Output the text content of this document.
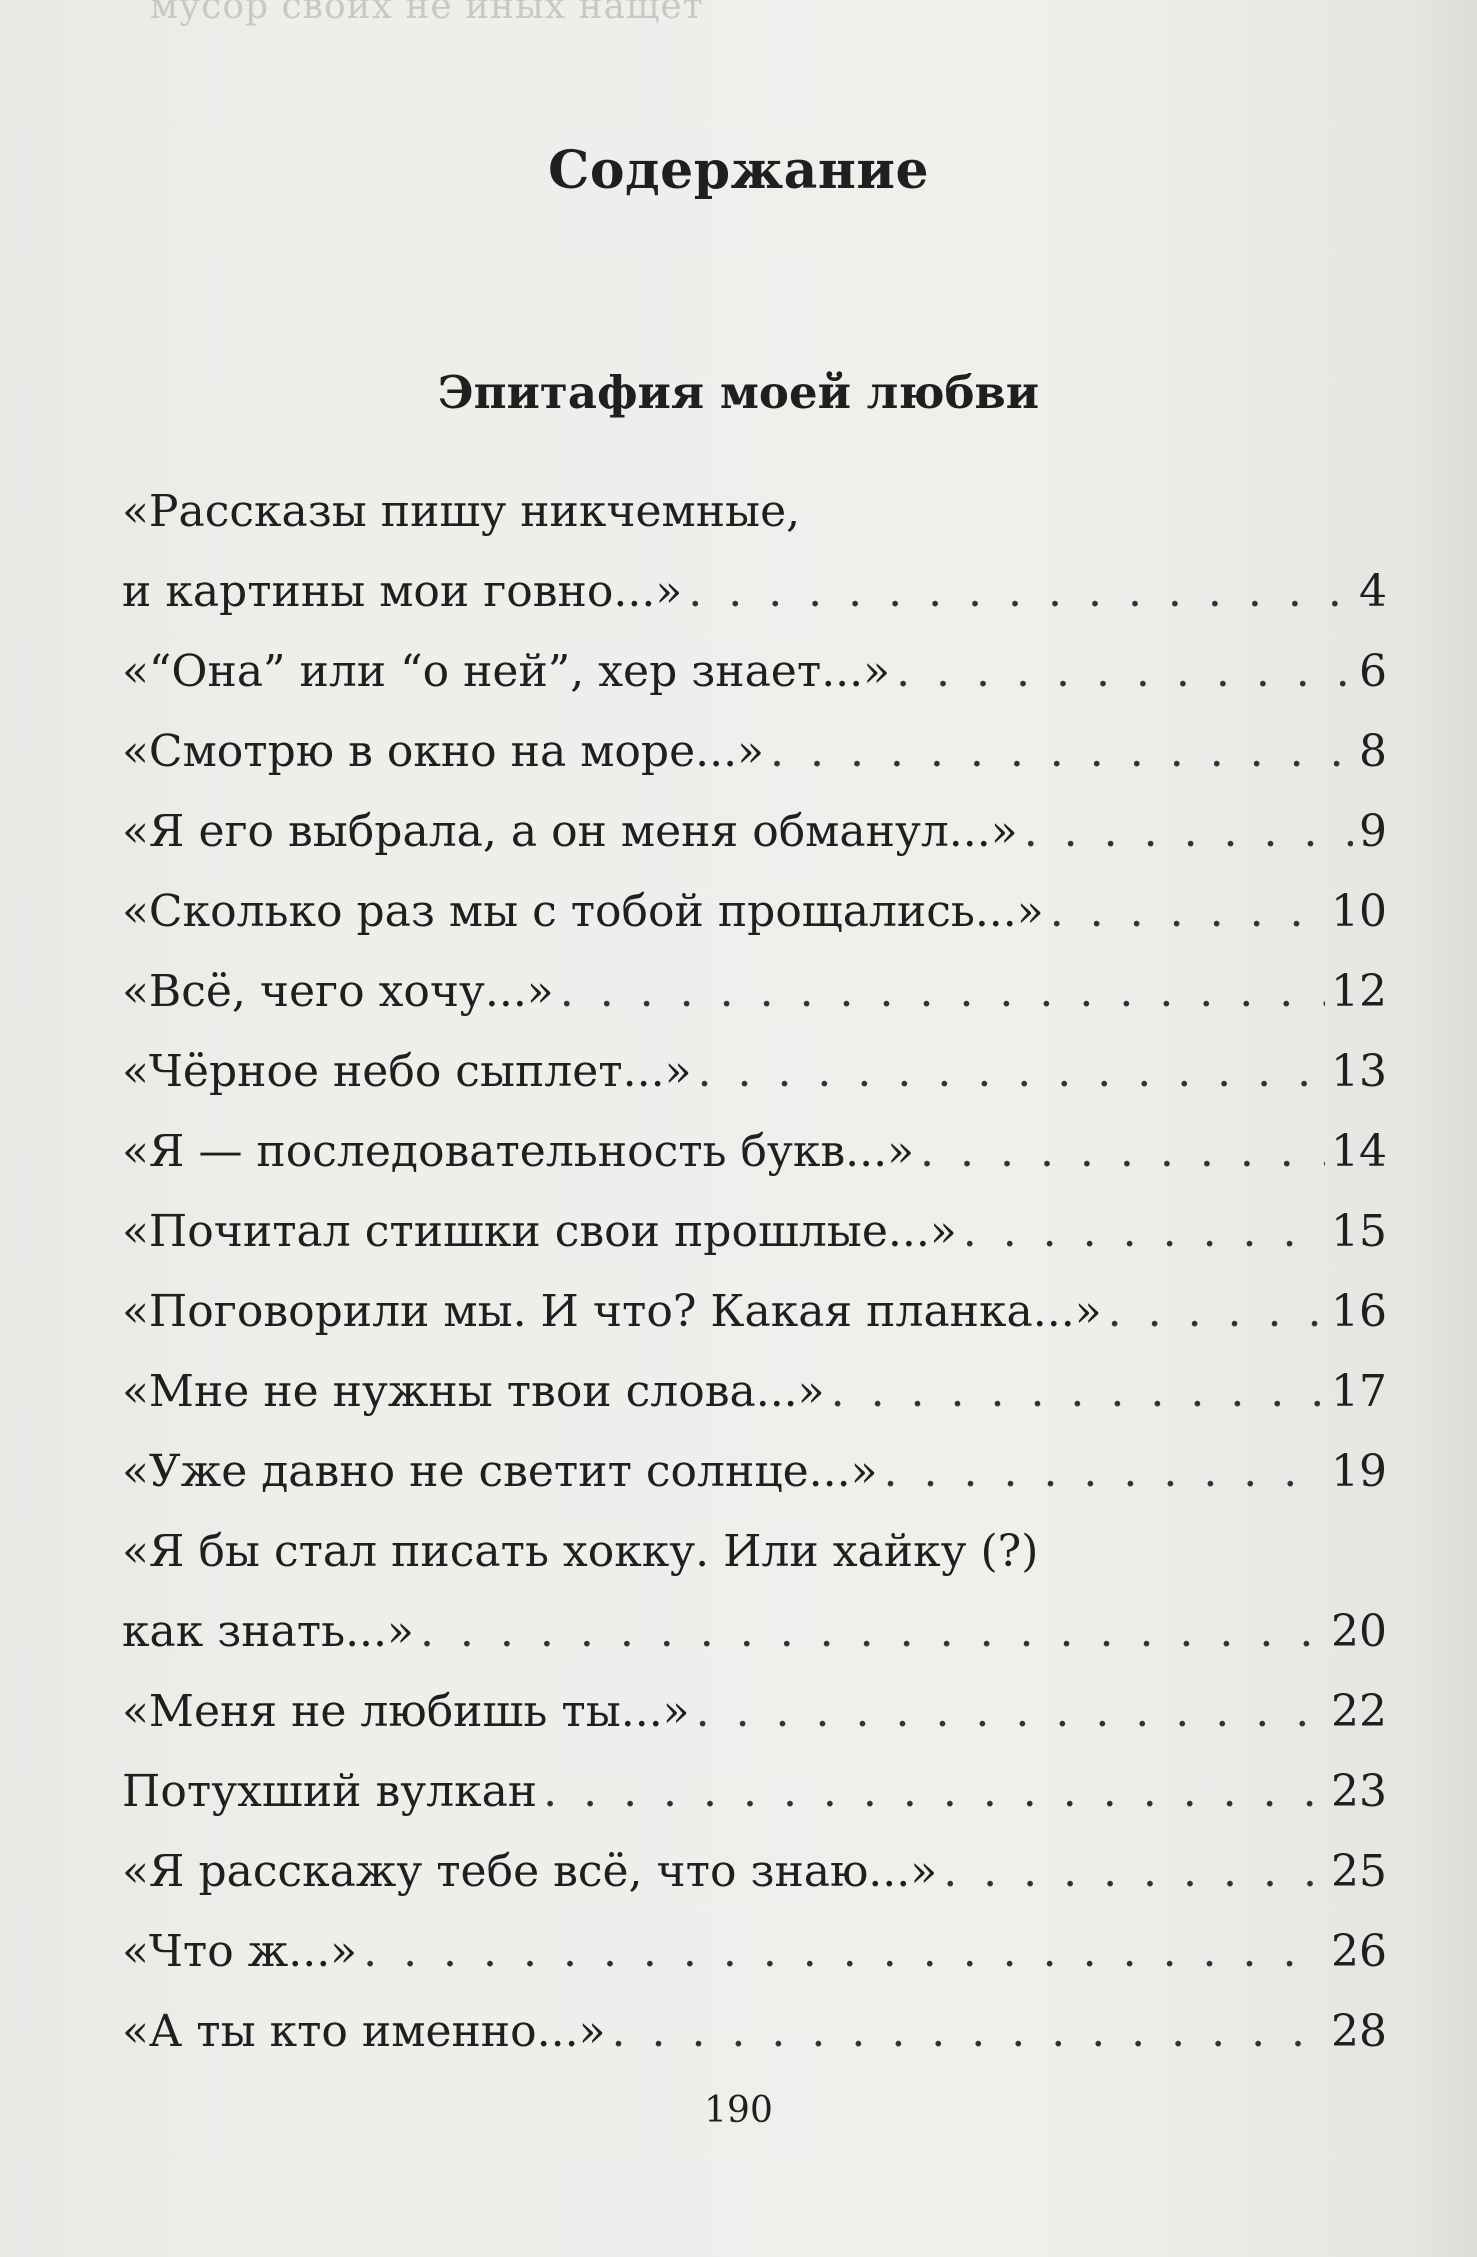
мусор своих не иных нащет
Содержание
Эпитафия моей любви
«Рассказы пишу никчемные,
и картины мои говно...» . . .	4
«“Она” или “о ней”, хер знает...» . . .	6
«Смотрю в окно на море...» . . .	8
«Я его выбрала, а он меня обманул...» . . .	9
«Сколько раз мы с тобой прощались...» . . .	10
«Всё, чего хочу...» . . .	12
«Чёрное небо сыплет...» . . .	13
«Я — последовательность букв...» . . .	14
«Почитал стишки свои прошлые...» . . .	15
«Поговорили мы. И что? Какая планка...» . . .	16
«Мне не нужны твои слова...» . . .	17
«Уже давно не светит солнце...» . . .	19
«Я бы стал писать хокку. Или хайку (?)
как знать...» . . .	20
«Меня не любишь ты...» . . .	22
Потухший вулкан . . .	23
«Я расскажу тебе всё, что знаю...» . . .	25
«Что ж...» . . .	26
«А ты кто именно...» . . .	28
190
